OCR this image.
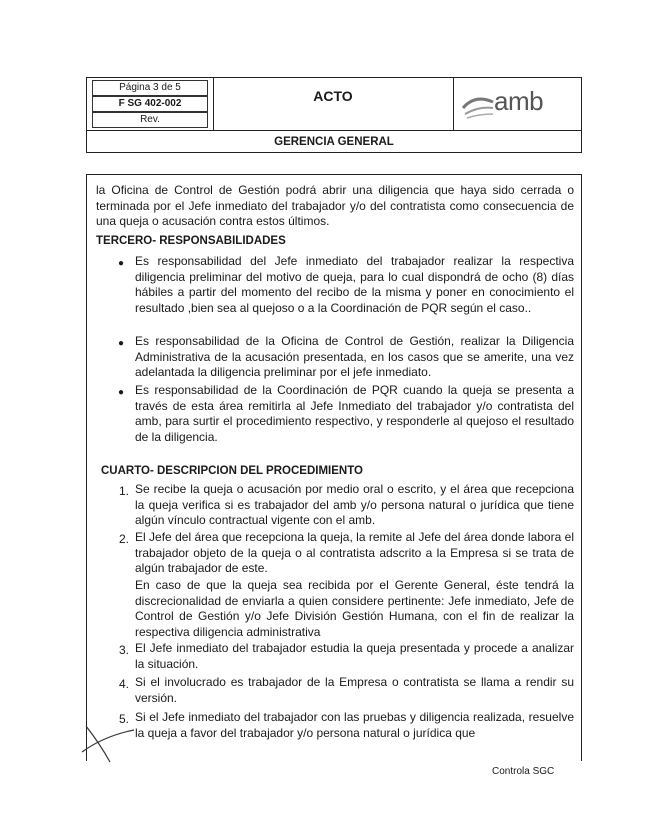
Página 3 de 5
F SG 402-002
Rev.
ACTO	amb
GERENCIA GENERAL
la Oficina de Control de Gestión podrá abrir una diligencia que haya sido cerrada o terminada por el Jefe inmediato del trabajador y/o del contratista como consecuencia de una queja o acusación contra estos últimos.
TERCERO- RESPONSABILIDADES
● Es responsabilidad del Jefe inmediato del trabajador realizar la respectiva diligencia preliminar del motivo de queja, para lo cual dispondrá de ocho (8) días hábiles a partir del momento del recibo de la misma y poner en conocimiento el resultado ,bien sea al quejoso o a la Coordinación de PQR según el caso..
● Es responsabilidad de la Oficina de Control de Gestión, realizar la Diligencia Administrativa de la acusación presentada, en los casos que se amerite, una vez adelantada la diligencia preliminar por el jefe inmediato.
● Es responsabilidad de la Coordinación de PQR cuando la queja se presenta a través de esta área remitirla al Jefe Inmediato del trabajador y/o contratista del amb, para surtir el procedimiento respectivo, y responderle al quejoso el resultado de la diligencia.
CUARTO- DESCRIPCION DEL PROCEDIMIENTO
1. Se recibe la queja o acusación por medio oral o escrito, y el área que recepciona la queja verifica si es trabajador del amb y/o persona natural o jurídica que tiene algún vínculo contractual vigente con el amb.
2. El Jefe del área que recepciona la queja, la remite al Jefe del área donde labora el trabajador objeto de la queja o al contratista adscrito a la Empresa si se trata de algún trabajador de este.
En caso de que la queja sea recibida por el Gerente General, éste tendrá la discrecionalidad de enviarla a quien considere pertinente: Jefe inmediato, Jefe de Control de Gestión y/o Jefe División Gestión Humana, con el fin de realizar la respectiva diligencia administrativa
3. El Jefe inmediato del trabajador estudia la queja presentada y procede a analizar la situación.
4. Si el involucrado es trabajador de la Empresa o contratista se llama a rendir su versión.
5. Si el Jefe inmediato del trabajador con las pruebas y diligencia realizada, resuelve la queja a favor del trabajador y/o persona natural o jurídica que
Controla SGC
